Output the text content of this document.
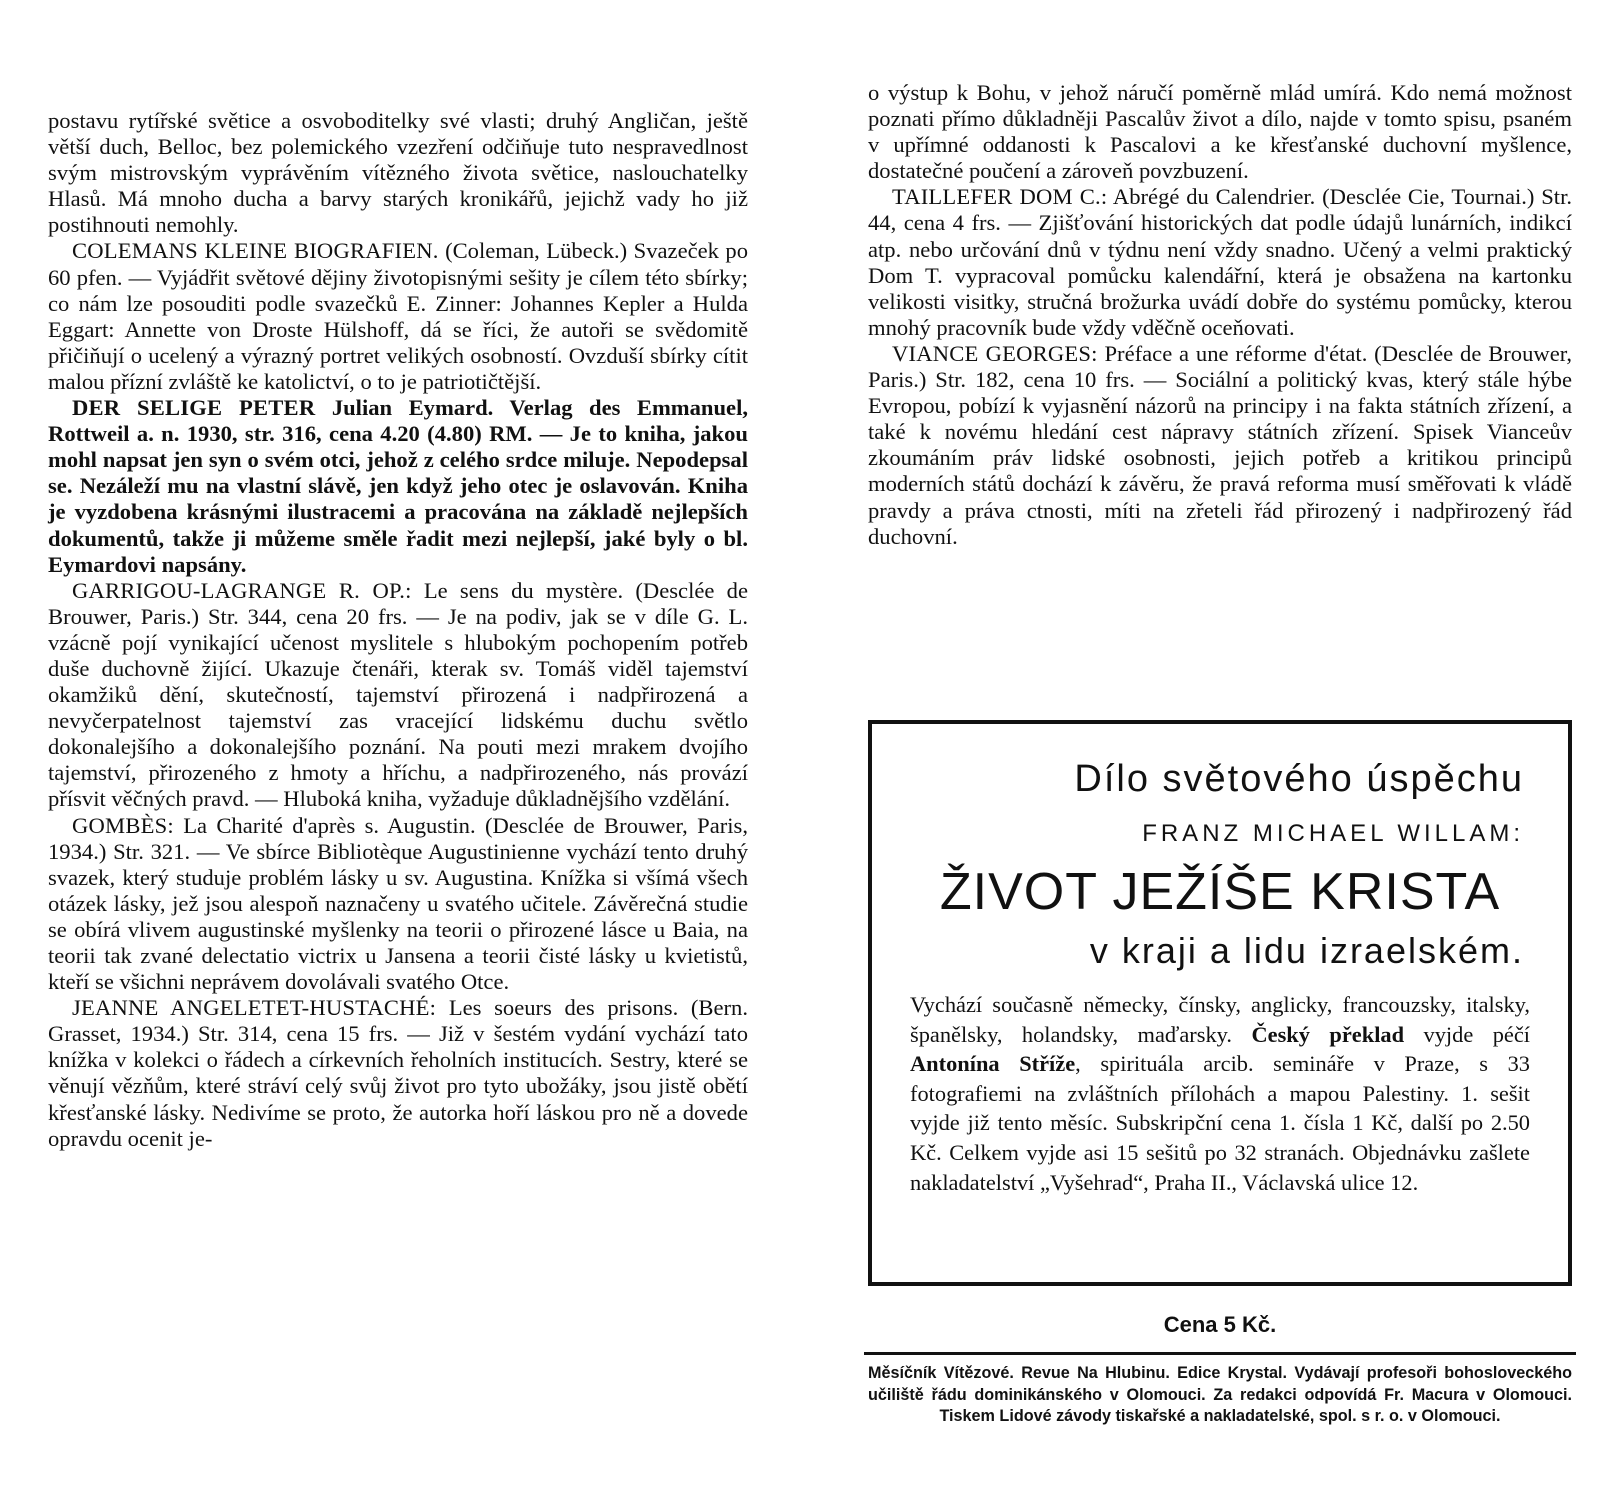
postavu rytířské světice a osvoboditelky své vlasti; druhý Angličan, ještě větší duch, Belloc, bez polemického vzezření odčiňuje tuto nespravedlnost svým mistrovským vyprávěním vítězného života světice, naslouchatelky Hlasů. Má mnoho ducha a barvy starých kronikářů, jejichž vady ho již postihnouti nemohly.

COLEMANS KLEINE BIOGRAFIEN. (Coleman, Lübeck.) Svazeček po 60 pfen. — Vyjádřit světové dějiny životopisnými sešity je cílem této sbírky; co nám lze posouditi podle svazečků E. Zinner: Johannes Kepler a Hulda Eggart: Annette von Droste Hülshoff, dá se říci, že autoři se svědomitě přičiňují o ucelený a výrazný portret velikých osobností. Ovzduší sbírky cítit malou přízní zvláště ke katolictví, o to je patriotičtější.

DER SELIGE PETER Julian Eymard. Verlag des Emmanuel, Rottweil a. n. 1930, str. 316, cena 4.20 (4.80) RM. — Je to kniha, jakou mohl napsat jen syn o svém otci, jehož z celého srdce miluje. Nepodepsal se. Nezáleží mu na vlastní slávě, jen když jeho otec je oslavován. Kniha je vyzdobena krásnými ilustracemi a pracována na základě nejlepších dokumentů, takže ji můžeme směle řadit mezi nejlepší, jaké byly o bl. Eymardovi napsány.

GARRIGOU-LAGRANGE R. OP.: Le sens du mystère. (Desclée de Brouwer, Paris.) Str. 344, cena 20 frs. — Je na podiv, jak se v díle G. L. vzácně pojí vynikající učenost myslitele s hlubokým pochopením potřeb duše duchovně žijící. Ukazuje čtenáři, kterak sv. Tomáš viděl tajemství okamžiků dění, skutečností, tajemství přirozená i nadpřirozená a nevyčerpatelnost tajemství zas vracející lidskému duchu světlo dokonalejšího a dokonalejšího poznání. Na pouti mezi mrakem dvojího tajemství, přirozeného z hmoty a hříchu, a nadpřirozeného, nás provází přísvit věčných pravd. — Hluboká kniha, vyžaduje důkladnějšího vzdělání.

GOMBÈS: La Charité d'après s. Augustin. (Desclée de Brouwer, Paris, 1934.) Str. 321. — Ve sbírce Bibliotèque Augustinienne vychází tento druhý svazek, který studuje problém lásky u sv. Augustina. Knížka si všímá všech otázek lásky, jež jsou alespoň naznačeny u svatého učitele. Závěrečná studie se obírá vlivem augustinské myšlenky na teorii o přirozené lásce u Baia, na teorii tak zvané delectatio victrix u Jansena a teorii čisté lásky u kvietistů, kteří se všichni neprávem dovolávali svatého Otce.

JEANNE ANGELETET-HUSTACHÉ: Les soeurs des prisons. (Bern. Grasset, 1934.) Str. 314, cena 15 frs. — Již v šestém vydání vychází tato knížka v kolekci o řádech a církevních řeholních institucích. Sestry, které se věnují vězňům, které stráví celý svůj život pro tyto ubožáky, jsou jistě obětí křesťanské lásky. Nedivíme se proto, že autorka hoří láskou pro ně a dovede opravdu ocenit je-

o výstup k Bohu, v jehož náručí poměrně mlád umírá. Kdo nemá možnost poznati přímo důkladněji Pascalův život a dílo, najde v tomto spisu, psaném v upřímné oddanosti k Pascalovi a ke křesťanské duchovní myšlence, dostatečné poučení a zároveň povzbuzení.

TAILLEFER DOM C.: Abrégé du Calendrier. (Desclée Cie, Tournai.) Str. 44, cena 4 frs. — Zjišťování historických dat podle údajů lunárních, indikcí atp. nebo určování dnů v týdnu není vždy snadno. Učený a velmi praktický Dom T. vypracoval pomůcku kalendářní, která je obsažena na kartonku velikosti visitky, stručná brožurka uvádí dobře do systému pomůcky, kterou mnohý pracovník bude vždy vděčně oceňovati.

VIANCE GEORGES: Préface a une réforme d'état. (Desclée de Brouwer, Paris.) Str. 182, cena 10 frs. — Sociální a politický kvas, který stále hýbe Evropou, pobízí k vyjasnění názorů na principy i na fakta státních zřízení, a také k novému hledání cest nápravy státních zřízení. Spisek Vianceův zkoumáním práv lidské osobnosti, jejich potřeb a kritikou principů moderních států dochází k závěru, že pravá reforma musí směřovati k vládě pravdy a práva ctnosti, míti na zřeteli řád přirozený i nadpřirozený řád duchovní.

Dílo světového úspěchu
FRANZ MICHAEL WILLAM:
ŽIVOT JEŽÍŠE KRISTA
v kraji a lidu izraelském.

Vychází současně německy, čínsky, anglicky, francouzsky, italsky, španělsky, holandsky, maďarsky. Český překlad vyjde péčí Antonína Stříže, spirituála arcib. semináře v Praze, s 33 fotografiemi na zvláštních přílohách a mapou Palestiny. 1. sešit vyjde již tento měsíc. Subskripční cena 1. čísla 1 Kč, další po 2.50 Kč. Celkem vyjde asi 15 sešitů po 32 stranách. Objednávku zašlete nakladatelství „Vyšehrad“, Praha II., Václavská ulice 12.

Cena 5 Kč.

Měsíčník Vítězové. Revue Na Hlubinu. Edice Krystal. Vydávají profesoři bohosloveckého učiliště řádu dominikánského v Olomouci. Za redakci odpovídá Fr. Macura v Olomouci. Tiskem Lidové závody tiskařské a nakladatelské, spol. s r. o. v Olomouci.
